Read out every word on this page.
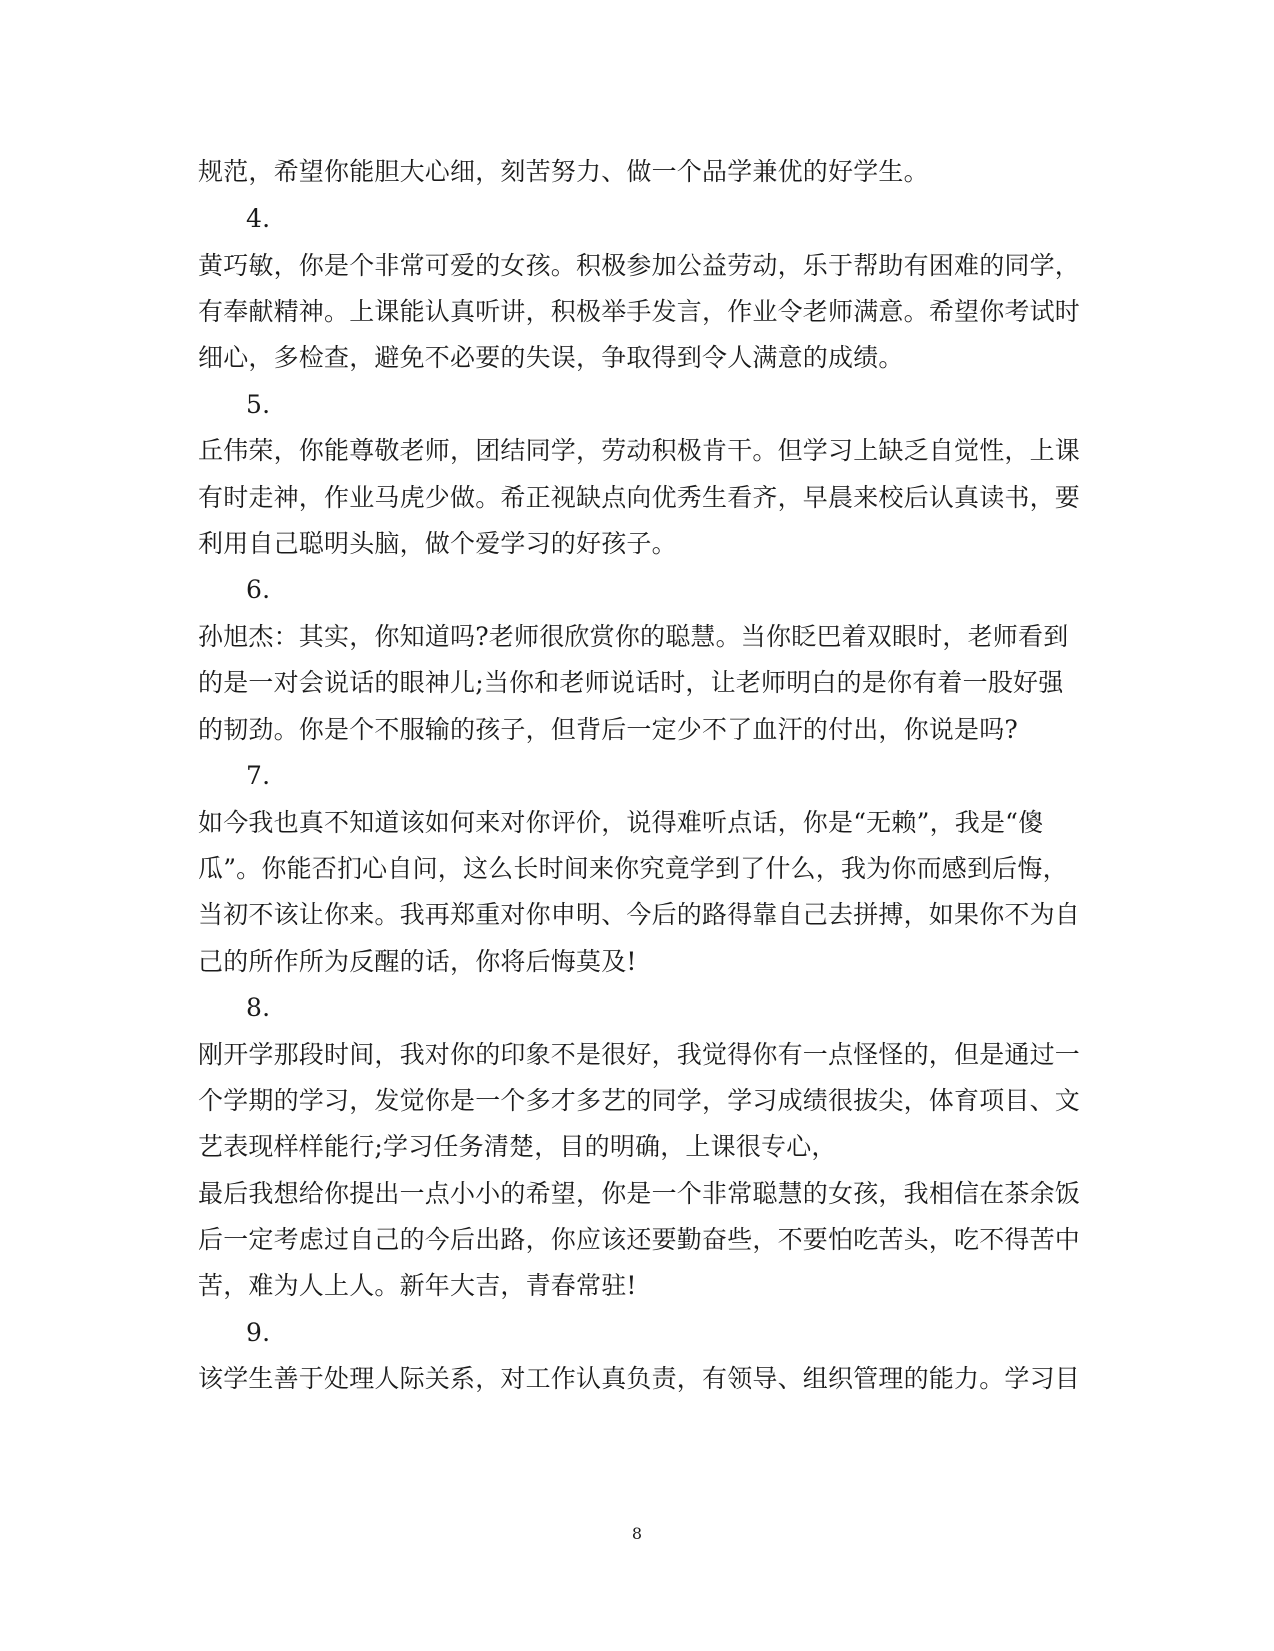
规范，希望你能胆大心细，刻苦努力、做一个品学兼优的好学生。
4.
黄巧敏，你是个非常可爱的女孩。积极参加公益劳动，乐于帮助有困难的同学，
有奉献精神。上课能认真听讲，积极举手发言，作业令老师满意。希望你考试时
细心，多检查，避免不必要的失误，争取得到令人满意的成绩。
5.
丘伟荣，你能尊敬老师，团结同学，劳动积极肯干。但学习上缺乏自觉性，上课
有时走神，作业马虎少做。希正视缺点向优秀生看齐，早晨来校后认真读书，要
利用自己聪明头脑，做个爱学习的好孩子。
6.
孙旭杰：其实，你知道吗?老师很欣赏你的聪慧。当你眨巴着双眼时，老师看到
的是一对会说话的眼神儿;当你和老师说话时，让老师明白的是你有着一股好强
的韧劲。你是个不服输的孩子，但背后一定少不了血汗的付出，你说是吗?
7.
如今我也真不知道该如何来对你评价，说得难听点话，你是“无赖”，我是“傻
瓜”。你能否扪心自问，这么长时间来你究竟学到了什么，我为你而感到后悔，
当初不该让你来。我再郑重对你申明、今后的路得靠自己去拼搏，如果你不为自
己的所作所为反醒的话，你将后悔莫及!
8.
刚开学那段时间，我对你的印象不是很好，我觉得你有一点怪怪的，但是通过一
个学期的学习，发觉你是一个多才多艺的同学，学习成绩很拔尖，体育项目、文
艺表现样样能行;学习任务清楚，目的明确，上课很专心，
最后我想给你提出一点小小的希望，你是一个非常聪慧的女孩，我相信在茶余饭
后一定考虑过自己的今后出路，你应该还要勤奋些，不要怕吃苦头，吃不得苦中
苦，难为人上人。新年大吉，青春常驻!
9.
该学生善于处理人际关系，对工作认真负责，有领导、组织管理的能力。学习目
8
